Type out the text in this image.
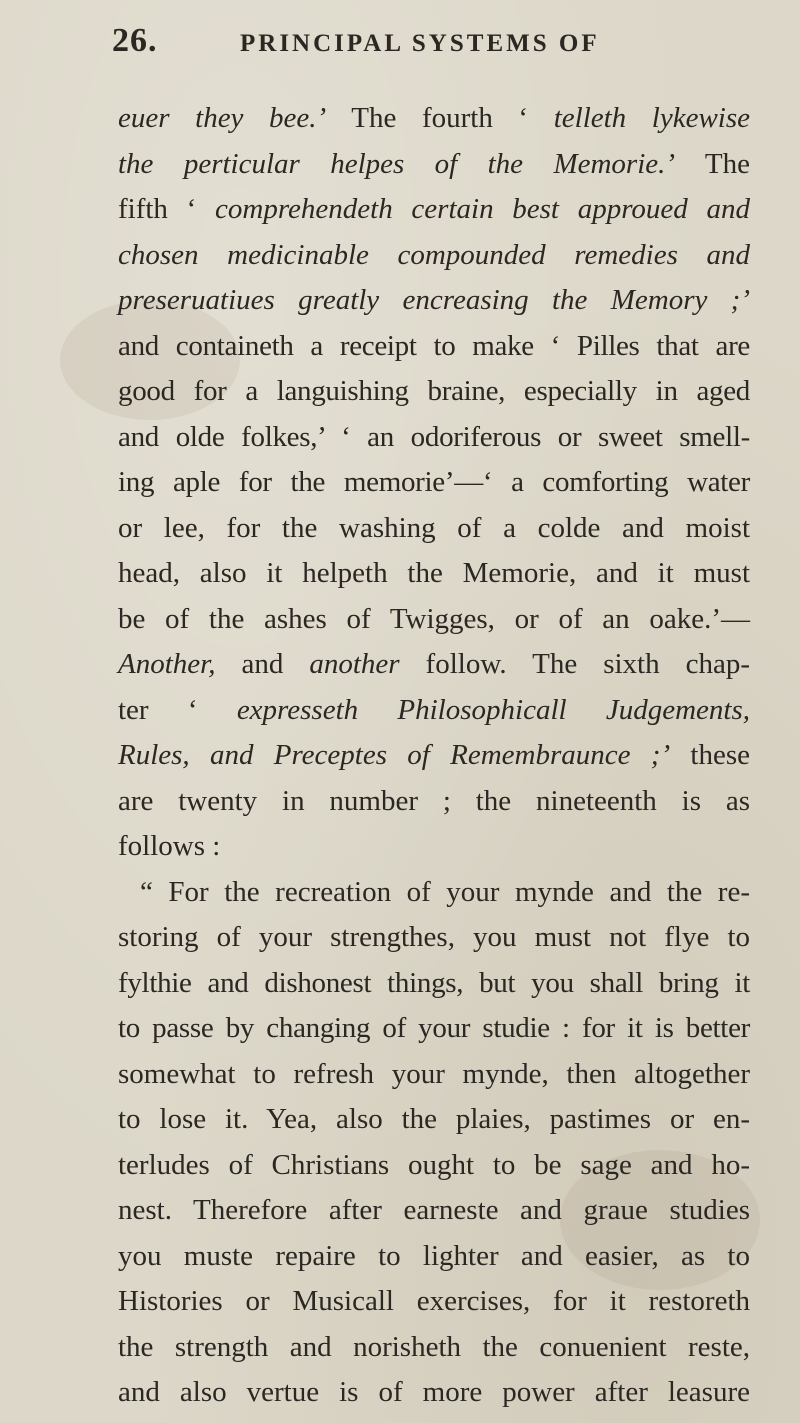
26.	PRINCIPAL SYSTEMS OF
euer they bee.’ The fourth ‘ telleth lykewise
the perticular helpes of the Memorie.’ The
fifth ‘ comprehendeth certain best approued and
chosen medicinable compounded remedies and
preseruatiues greatly encreasing the Memory ;’
and containeth a receipt to make ‘ Pilles that are
good for a languishing braine, especially in aged
and olde folkes,’ ‘ an odoriferous or sweet smell-
ing aple for the memorie’—‘ a comforting water
or lee, for the washing of a colde and moist
head, also it helpeth the Memorie, and it must
be of the ashes of Twigges, or of an oake.’—
Another, and another follow. The sixth chap-
ter ‘ expresseth Philosophicall Judgements,
Rules, and Preceptes of Remembraunce ;’ these
are twenty in number ; the nineteenth is as
follows :
“ For the recreation of your mynde and the re-
storing of your strengthes, you must not flye to
fylthie and dishonest things, but you shall bring it
to passe by changing of your studie : for it is better
somewhat to refresh your mynde, then altogether
to lose it. Yea, also the plaies, pastimes or en-
terludes of Christians ought to be sage and ho-
nest. Therefore after earneste and graue studies
you muste repaire to lighter and easier, as to
Histories or Musicall exercises, for it restoreth
the strength and norisheth the conuenient reste,
and also vertue is of more power after leasure
